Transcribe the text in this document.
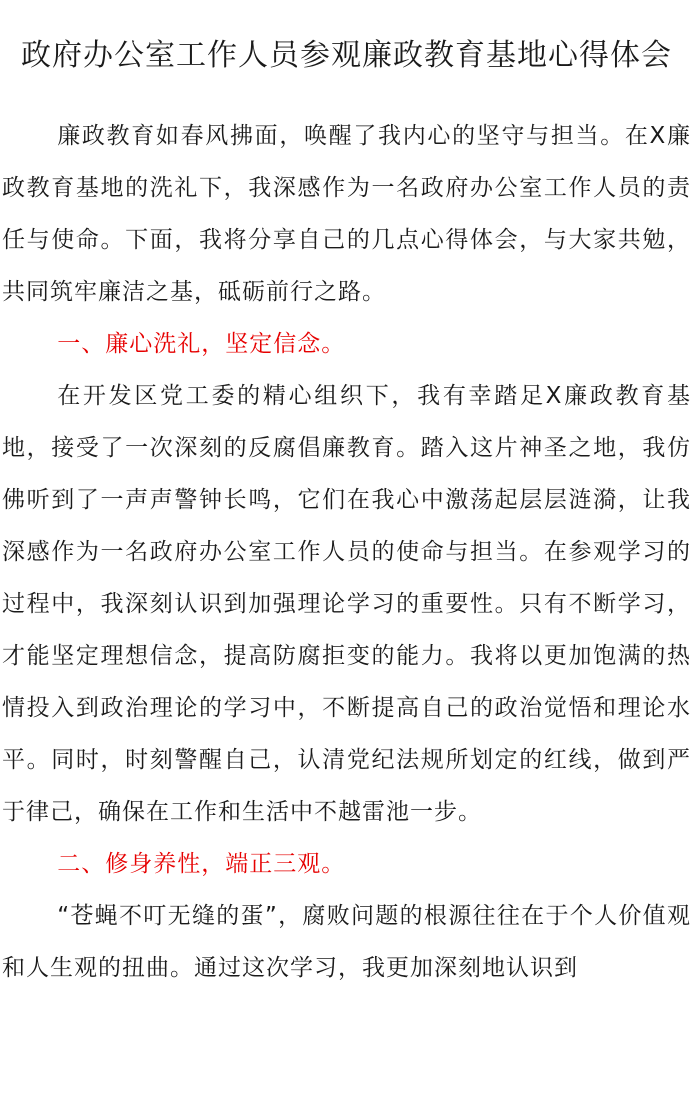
政府办公室工作人员参观廉政教育基地心得体会

廉政教育如春风拂面，唤醒了我内心的坚守与担当。在X廉政教育基地的洗礼下，我深感作为一名政府办公室工作人员的责任与使命。下面，我将分享自己的几点心得体会，与大家共勉，共同筑牢廉洁之基，砥砺前行之路。

一、廉心洗礼，坚定信念。

在开发区党工委的精心组织下，我有幸踏足X廉政教育基地，接受了一次深刻的反腐倡廉教育。踏入这片神圣之地，我仿佛听到了一声声警钟长鸣，它们在我心中激荡起层层涟漪，让我深感作为一名政府办公室工作人员的使命与担当。在参观学习的过程中，我深刻认识到加强理论学习的重要性。只有不断学习，才能坚定理想信念，提高防腐拒变的能力。我将以更加饱满的热情投入到政治理论的学习中，不断提高自己的政治觉悟和理论水平。同时，时刻警醒自己，认清党纪法规所划定的红线，做到严于律己，确保在工作和生活中不越雷池一步。

二、修身养性，端正三观。

“苍蝇不叮无缝的蛋”，腐败问题的根源往往在于个人价值观和人生观的扭曲。通过这次学习，我更加深刻地认识到
